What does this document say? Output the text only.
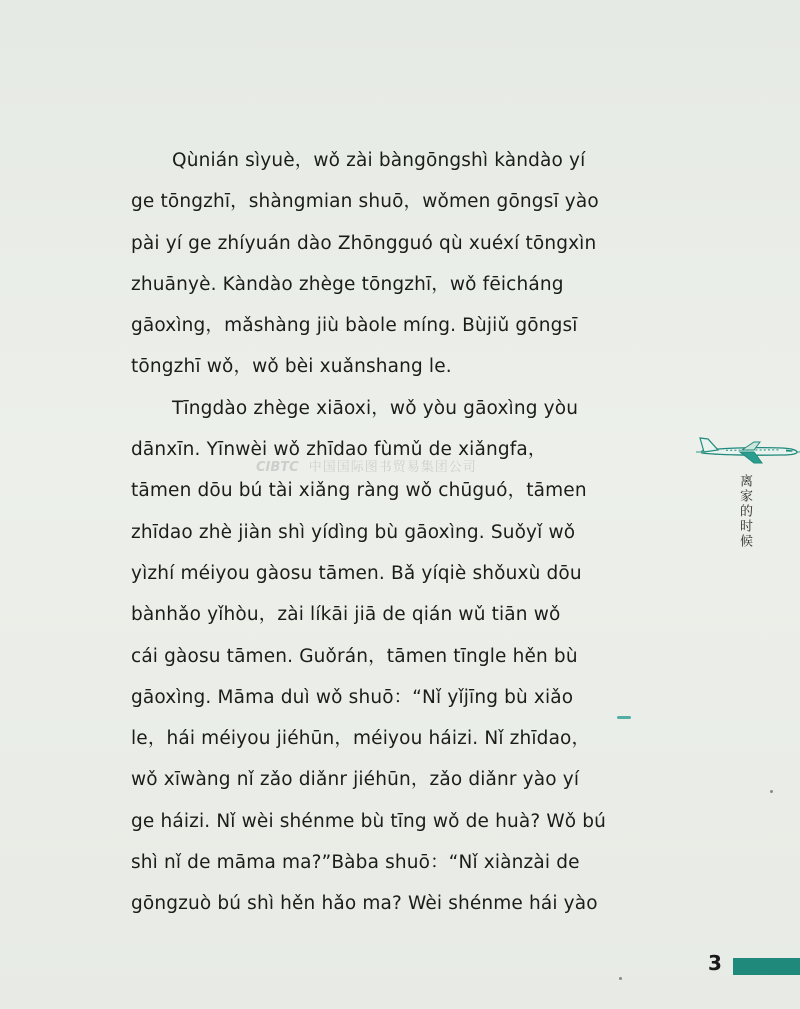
Qùnián sìyuè，wǒ zài bàngōngshì kàndào yí
ge tōngzhī，shàngmian shuō，wǒmen gōngsī yào
pài yí ge zhíyuán dào Zhōngguó qù xuéxí tōngxìn
zhuānyè. Kàndào zhège tōngzhī，wǒ fēicháng
gāoxìng，mǎshàng jiù bàole míng. Bùjiǔ gōngsī
tōngzhī wǒ，wǒ bèi xuǎnshang le.
Tīngdào zhège xiāoxi，wǒ yòu gāoxìng yòu
dānxīn. Yīnwèi wǒ zhīdao fùmǔ de xiǎngfa，
tāmen dōu bú tài xiǎng ràng wǒ chūguó，tāmen
zhīdao zhè jiàn shì yídìng bù gāoxìng. Suǒyǐ wǒ
yìzhí méiyou gàosu tāmen. Bǎ yíqiè shǒuxù dōu
bànhǎo yǐhòu，zài líkāi jiā de qián wǔ tiān wǒ
cái gàosu tāmen. Guǒrán，tāmen tīngle hěn bù
gāoxìng. Māma duì wǒ shuō：“Nǐ yǐjīng bù xiǎo
le，hái méiyou jiéhūn，méiyou háizi. Nǐ zhīdao，
wǒ xīwàng nǐ zǎo diǎnr jiéhūn，zǎo diǎnr yào yí
ge háizi. Nǐ wèi shénme bù tīng wǒ de huà? Wǒ bú
shì nǐ de māma ma?”Bàba shuō：“Nǐ xiànzài de
gōngzuò bú shì hěn hǎo ma? Wèi shénme hái yào
离家的时候
CIBTC 中国国际图书贸易集团公司
3
